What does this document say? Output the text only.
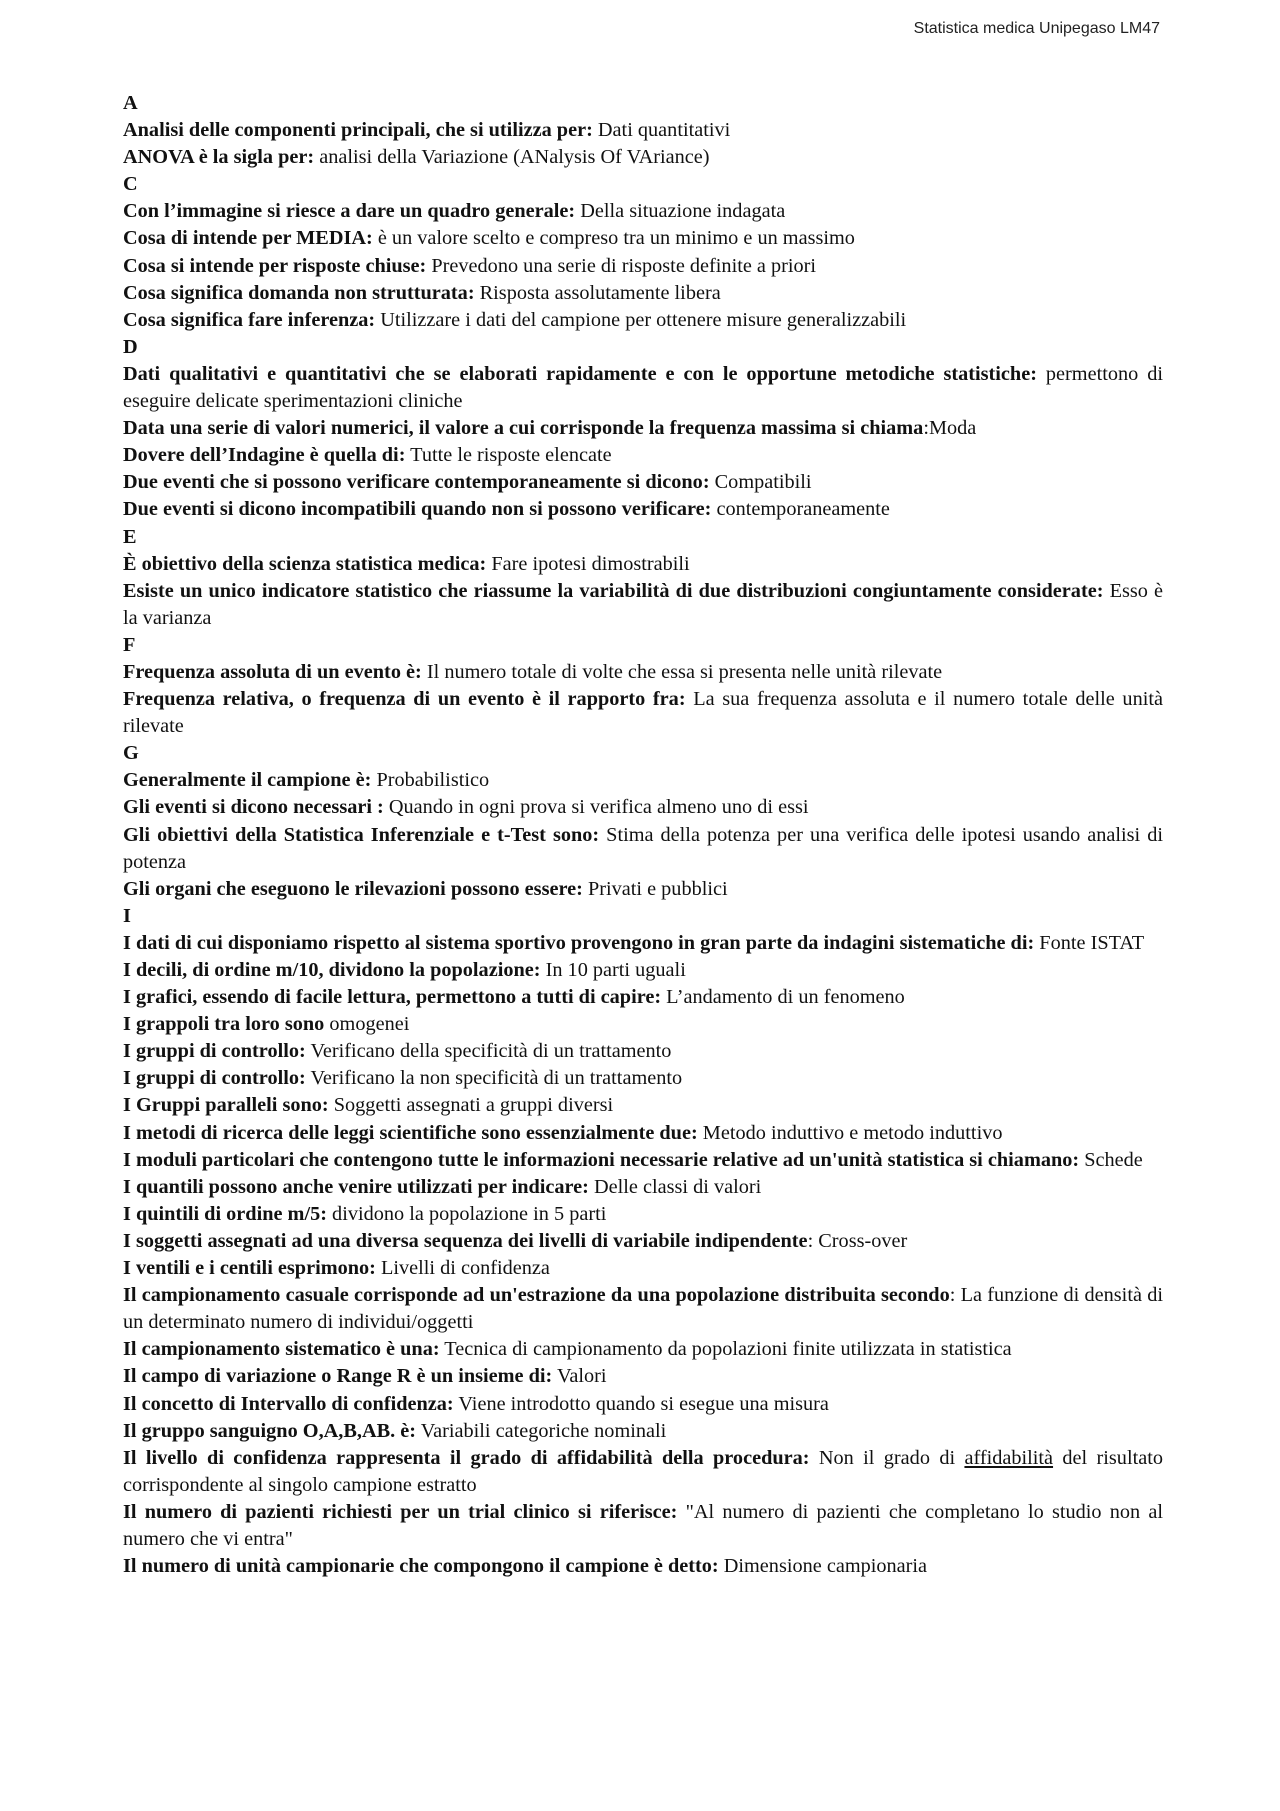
Statistica medica Unipegaso LM47
A
Analisi delle componenti principali, che si utilizza per: Dati quantitativi
ANOVA è la sigla per: analisi della Variazione (ANalysis Of VAriance)
C
Con l’immagine si riesce a dare un quadro generale: Della situazione indagata
Cosa di intende per MEDIA: è un valore scelto e compreso tra un minimo e un massimo
Cosa si intende per risposte chiuse: Prevedono una serie di risposte definite a priori
Cosa significa domanda non strutturata: Risposta assolutamente libera
Cosa significa fare inferenza: Utilizzare i dati del campione per ottenere misure generalizzabili
D
Dati qualitativi e quantitativi che se elaborati rapidamente e con le opportune metodiche statistiche: permettono di eseguire delicate sperimentazioni cliniche
Data una serie di valori numerici, il valore a cui corrisponde la frequenza massima si chiama:Moda
Dovere dell’Indagine è quella di: Tutte le risposte elencate
Due eventi che si possono verificare contemporaneamente si dicono: Compatibili
Due eventi si dicono incompatibili quando non si possono verificare: contemporaneamente
E
È obiettivo della scienza statistica medica: Fare ipotesi dimostrabili
Esiste un unico indicatore statistico che riassume la variabilità di due distribuzioni congiuntamente considerate: Esso è la varianza
F
Frequenza assoluta di un evento è: Il numero totale di volte che essa si presenta nelle unità rilevate
Frequenza relativa, o frequenza di un evento è il rapporto fra: La sua frequenza assoluta e il numero totale delle unità rilevate
G
Generalmente il campione è: Probabilistico
Gli eventi si dicono necessari : Quando in ogni prova si verifica almeno uno di essi
Gli obiettivi della Statistica Inferenziale e t-Test sono: Stima della potenza per una verifica delle ipotesi usando analisi di potenza
Gli organi che eseguono le rilevazioni possono essere: Privati e pubblici
I
I dati di cui disponiamo rispetto al sistema sportivo provengono in gran parte da indagini sistematiche di: Fonte ISTAT
I decili, di ordine m/10, dividono la popolazione: In 10 parti uguali
I grafici, essendo di facile lettura, permettono a tutti di capire: L’andamento di un fenomeno
I grappoli tra loro sono omogenei
I gruppi di controllo: Verificano della specificità di un trattamento
I gruppi di controllo: Verificano la non specificità di un trattamento
I Gruppi paralleli sono: Soggetti assegnati a gruppi diversi
I metodi di ricerca delle leggi scientifiche sono essenzialmente due: Metodo induttivo e metodo induttivo
I moduli particolari che contengono tutte le informazioni necessarie relative ad un'unità statistica si chiamano: Schede
I quantili possono anche venire utilizzati per indicare: Delle classi di valori
I quintili di ordine m/5: dividono la popolazione in 5 parti
I soggetti assegnati ad una diversa sequenza dei livelli di variabile indipendente: Cross-over
I ventili e i centili esprimono: Livelli di confidenza
Il campionamento casuale corrisponde ad un'estrazione da una popolazione distribuita secondo: La funzione di densità di un determinato numero di individui/oggetti
Il campionamento sistematico è una: Tecnica di campionamento da popolazioni finite utilizzata in statistica
Il campo di variazione o Range R è un insieme di: Valori
Il concetto di Intervallo di confidenza: Viene introdotto quando si esegue una misura
Il gruppo sanguigno O,A,B,AB. è: Variabili categoriche nominali
Il livello di confidenza rappresenta il grado di affidabilità della procedura: Non il grado di affidabilità del risultato corrispondente al singolo campione estratto
Il numero di pazienti richiesti per un trial clinico si riferisce: "Al numero di pazienti che completano lo studio non al numero che vi entra"
Il numero di unità campionarie che compongono il campione è detto: Dimensione campionaria
